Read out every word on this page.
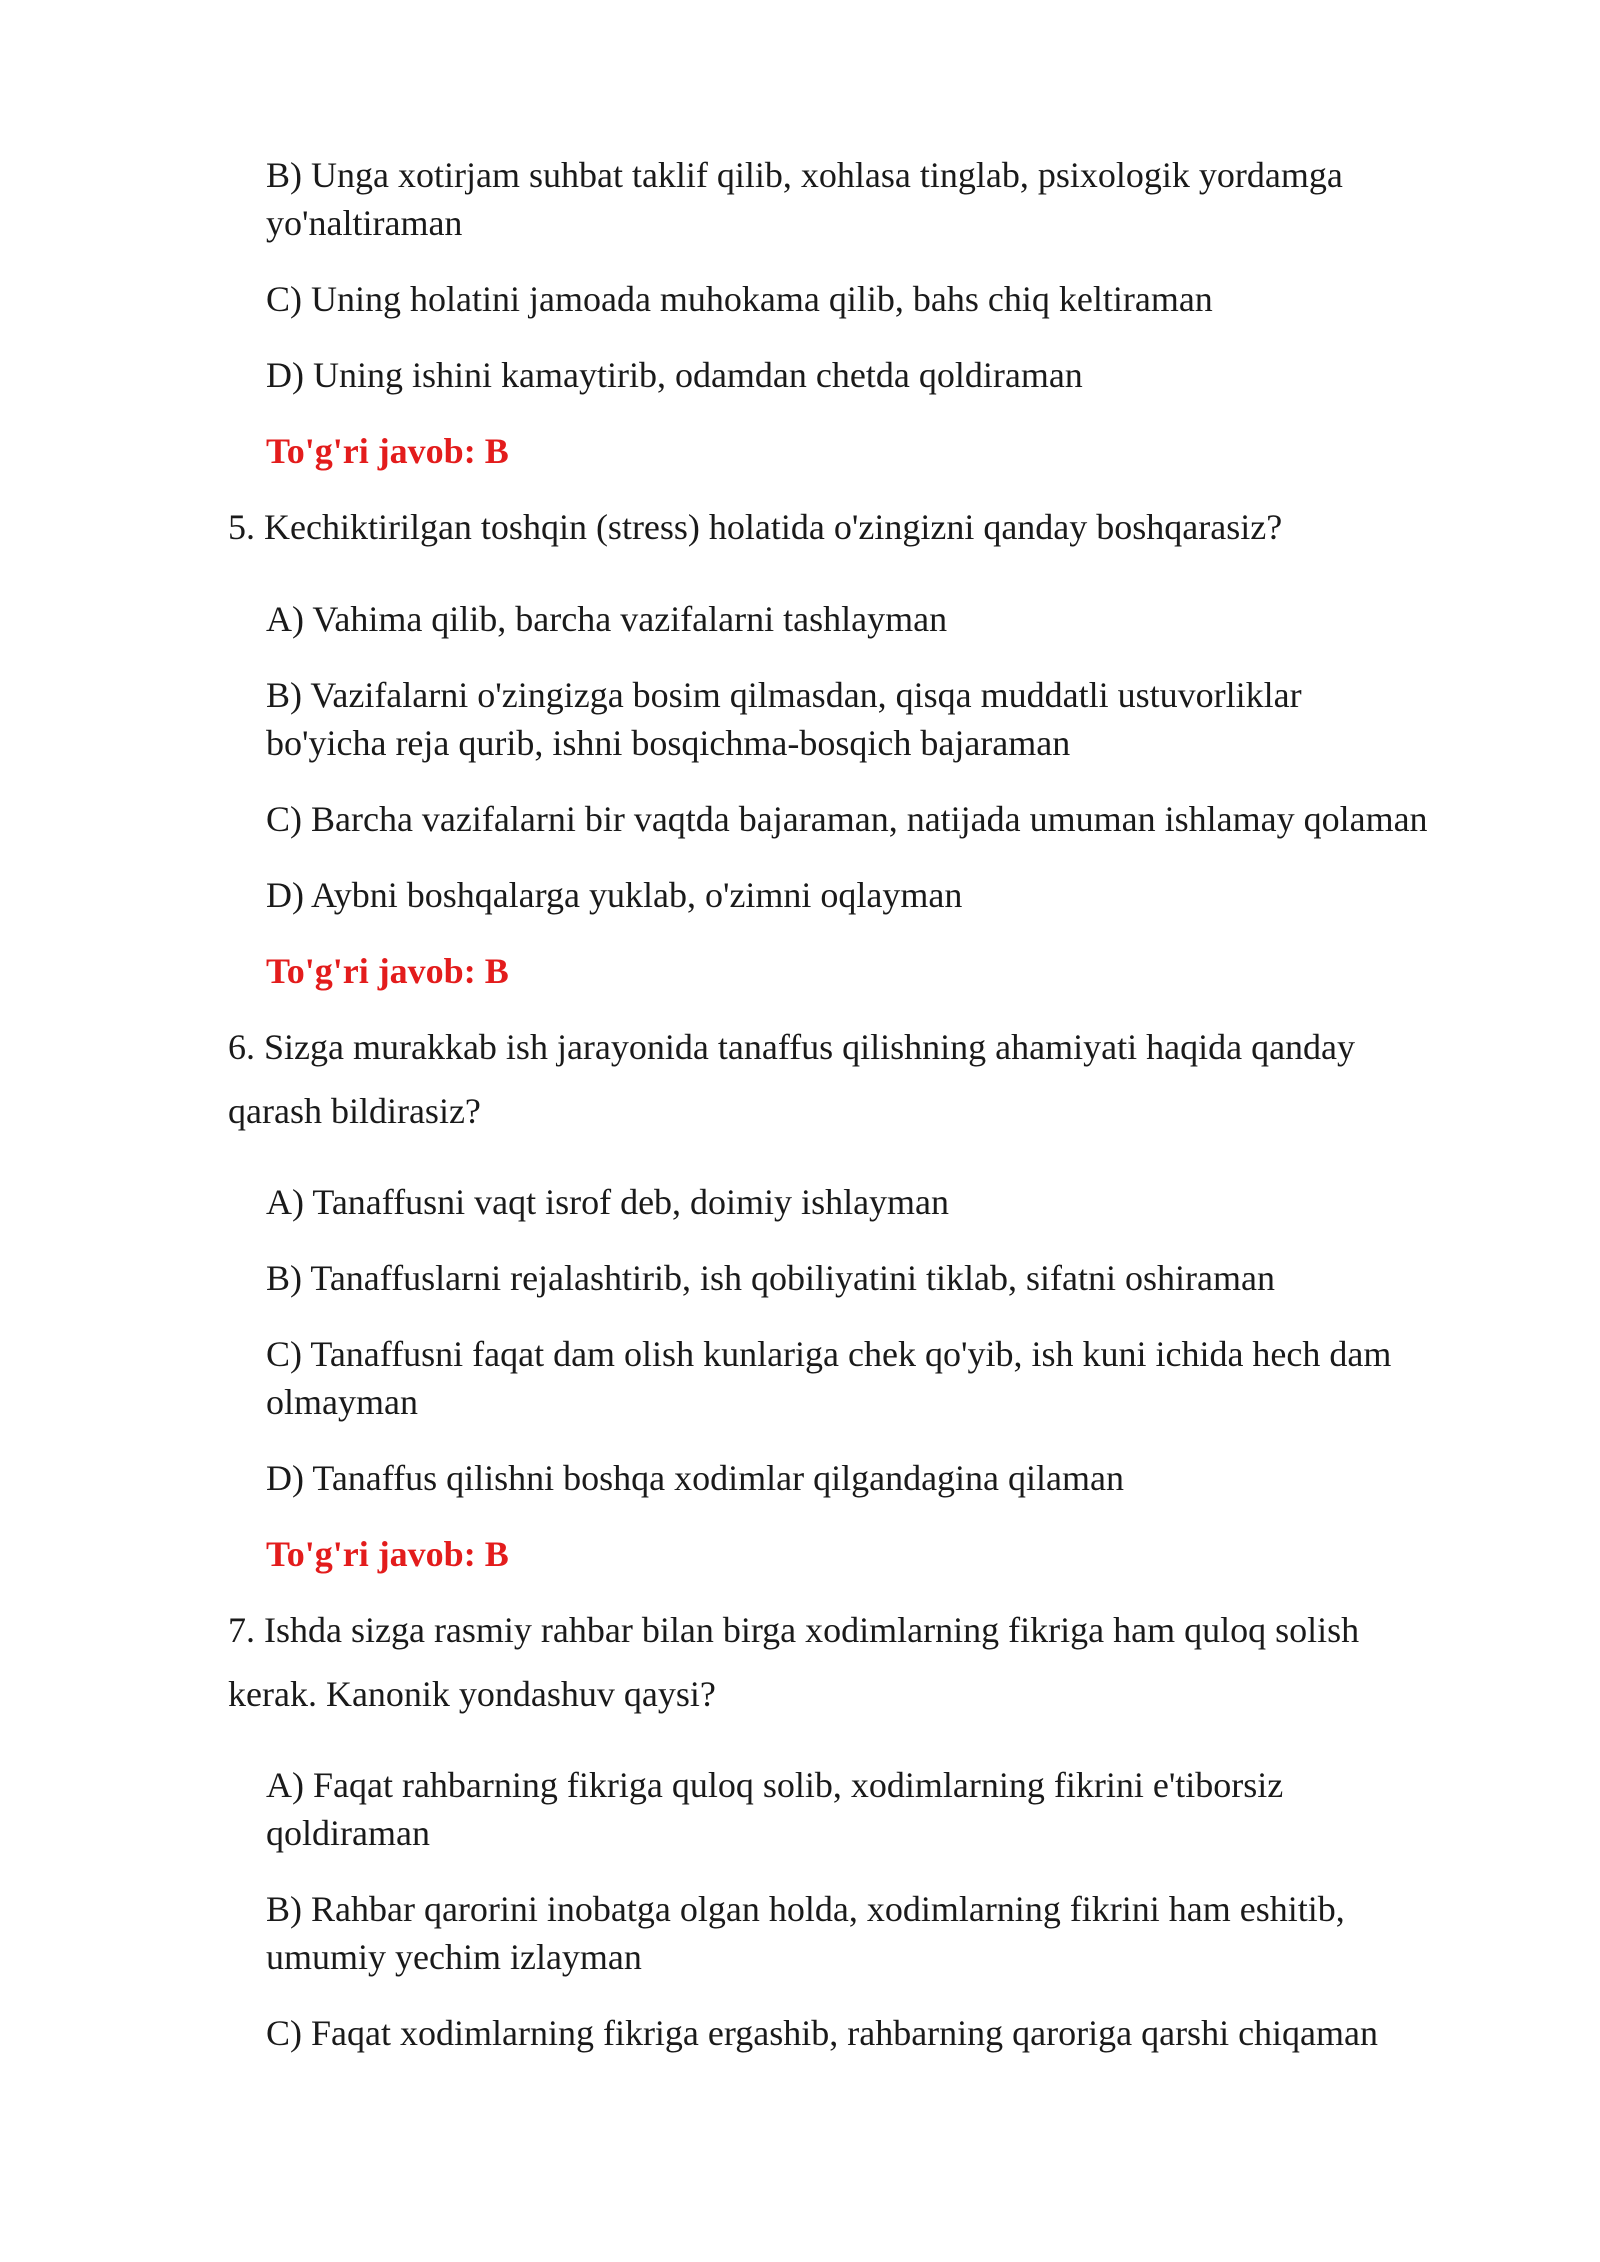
B) Unga xotirjam suhbat taklif qilib, xohlasa tinglab, psixologik yordamga

yo'naltiraman

C) Uning holatini jamoada muhokama qilib, bahs chiq keltiraman

D) Uning ishini kamaytirib, odamdan chetda qoldiraman

To'g'ri javob: B

5. Kechiktirilgan toshqin (stress) holatida o'zingizni qanday boshqarasiz?

A) Vahima qilib, barcha vazifalarni tashlayman

B) Vazifalarni o'zingizga bosim qilmasdan, qisqa muddatli ustuvorliklar

bo'yicha reja qurib, ishni bosqichma-bosqich bajaraman

C) Barcha vazifalarni bir vaqtda bajaraman, natijada umuman ishlamay qolaman

D) Aybni boshqalarga yuklab, o'zimni oqlayman

To'g'ri javob: B

6. Sizga murakkab ish jarayonida tanaffus qilishning ahamiyati haqida qanday

qarash bildirasiz?

A) Tanaffusni vaqt isrof deb, doimiy ishlayman

B) Tanaffuslarni rejalashtirib, ish qobiliyatini tiklab, sifatni oshiraman

C) Tanaffusni faqat dam olish kunlariga chek qo'yib, ish kuni ichida hech dam

olmayman

D) Tanaffus qilishni boshqa xodimlar qilgandagina qilaman

To'g'ri javob: B

7. Ishda sizga rasmiy rahbar bilan birga xodimlarning fikriga ham quloq solish

kerak. Kanonik yondashuv qaysi?

A) Faqat rahbarning fikriga quloq solib, xodimlarning fikrini e'tiborsiz

qoldiraman

B) Rahbar qarorini inobatga olgan holda, xodimlarning fikrini ham eshitib,

umumiy yechim izlayman

C) Faqat xodimlarning fikriga ergashib, rahbarning qaroriga qarshi chiqaman
